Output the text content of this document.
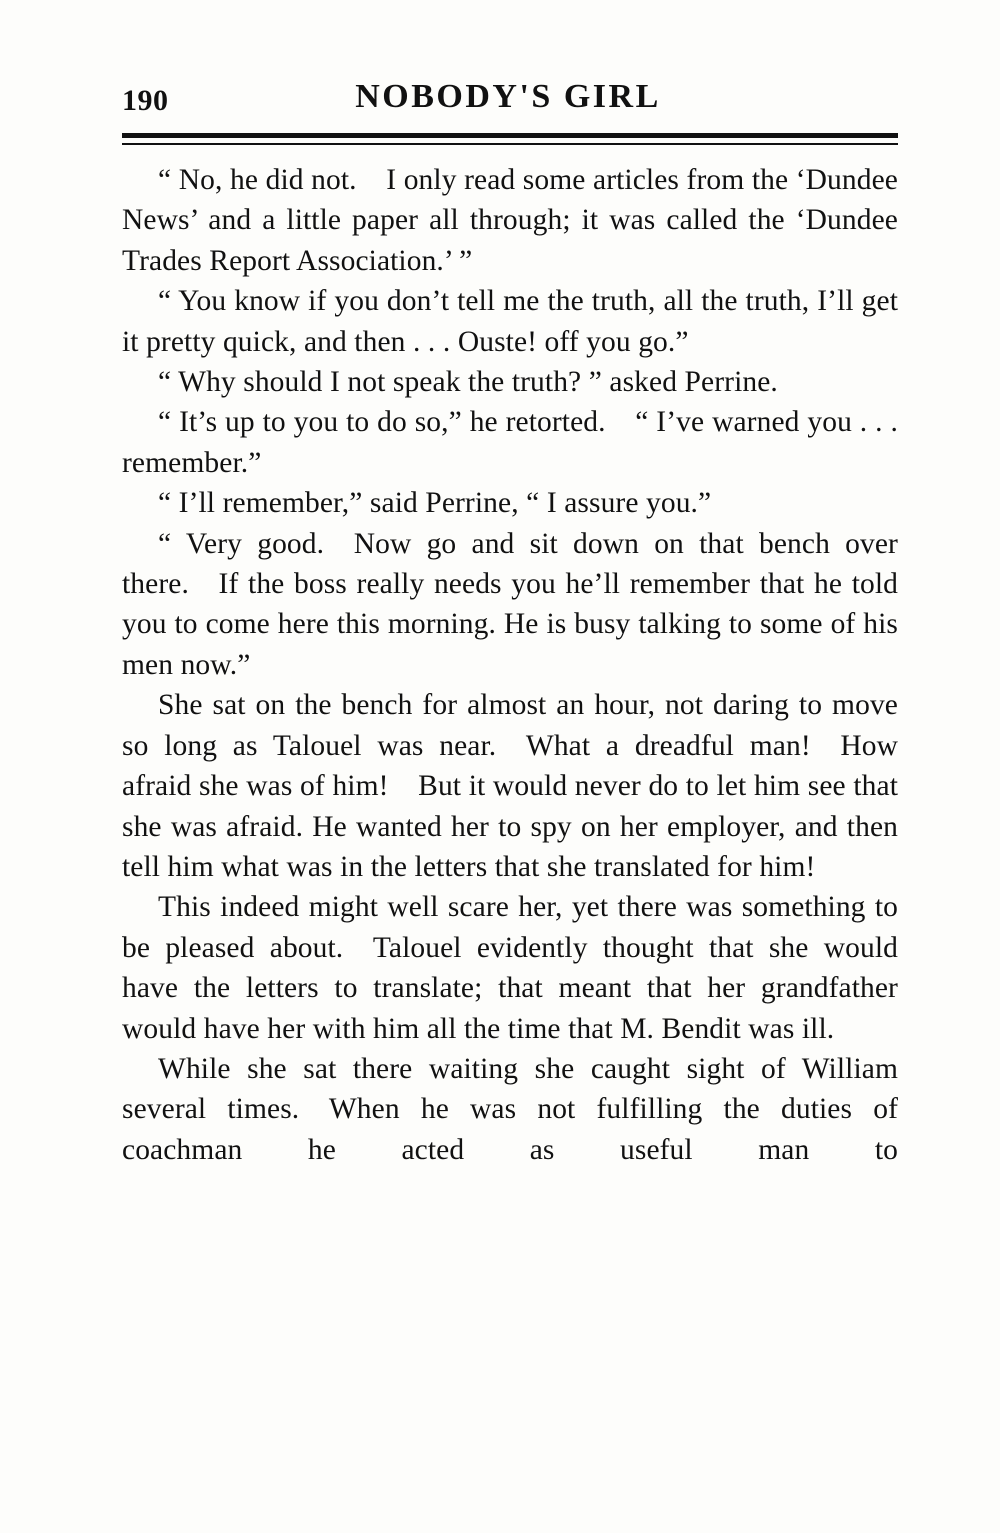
190	NOBODY'S GIRL

“ No, he did not. I only read some articles from the ‘Dundee News’ and a little paper all through; it was called the ‘Dundee Trades Report Association.’ ”

“ You know if you don’t tell me the truth, all the truth, I’ll get it pretty quick, and then . . . Ouste! off you go.”

“ Why should I not speak the truth? ” asked Perrine.

“ It’s up to you to do so,” he retorted. “ I’ve warned you . . . remember.”

“ I’ll remember,” said Perrine, “ I assure you.”

“ Very good. Now go and sit down on that bench over there. If the boss really needs you he’ll remember that he told you to come here this morning. He is busy talking to some of his men now.”

She sat on the bench for almost an hour, not daring to move so long as Talouel was near. What a dreadful man! How afraid she was of him! But it would never do to let him see that she was afraid. He wanted her to spy on her employer, and then tell him what was in the letters that she translated for him!

This indeed might well scare her, yet there was something to be pleased about. Talouel evidently thought that she would have the letters to translate; that meant that her grandfather would have her with him all the time that M. Bendit was ill.

While she sat there waiting she caught sight of William several times. When he was not fulfilling the duties of coachman he acted as useful man to
